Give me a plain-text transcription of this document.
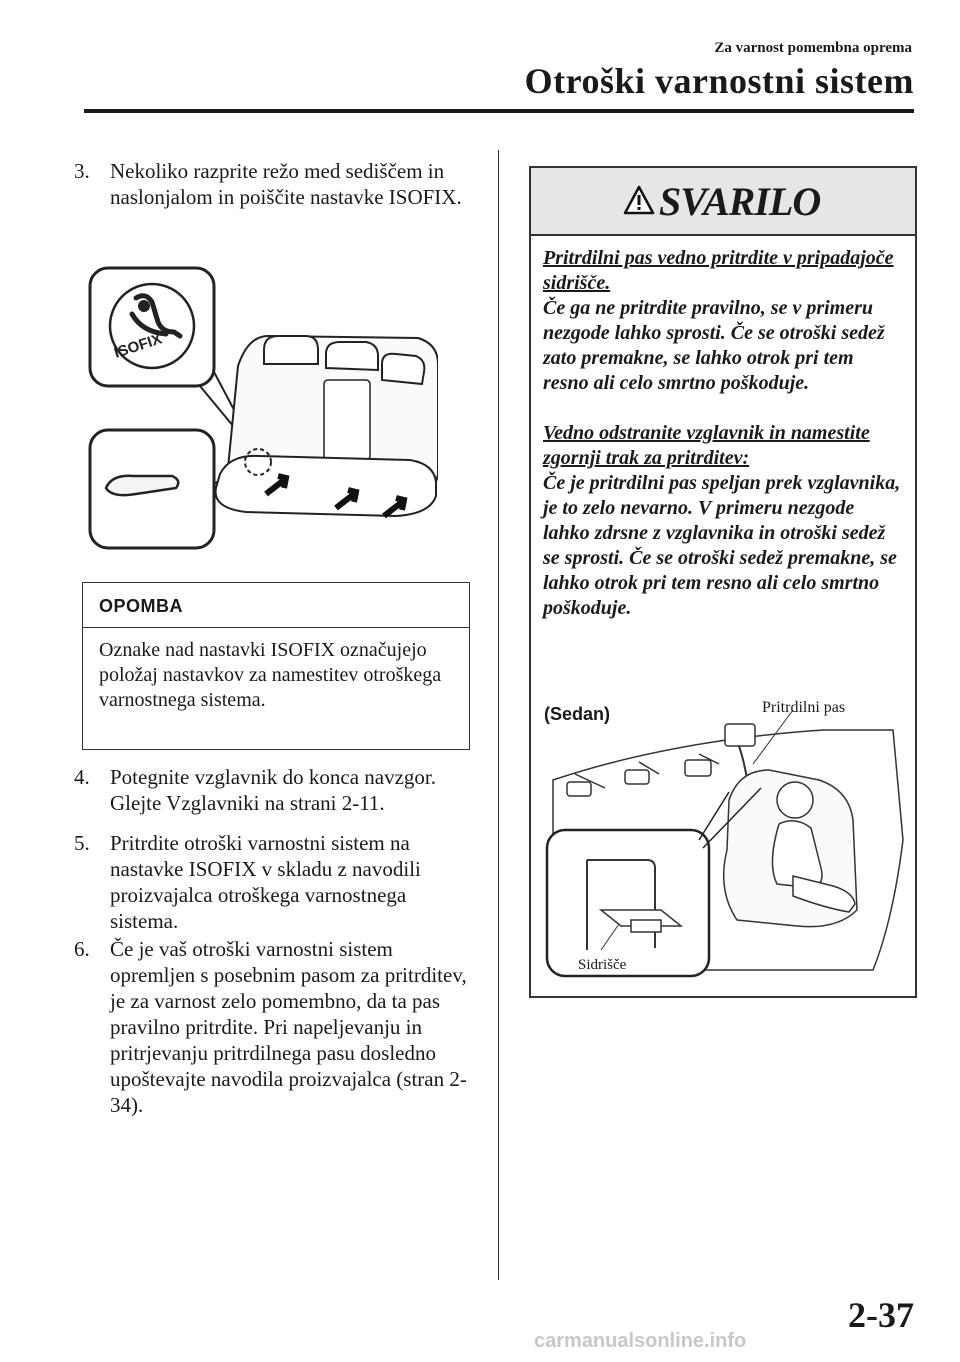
Za varnost pomembna oprema
Otroški varnostni sistem
3. Nekoliko razprite režo med sediščem in naslonjalom in poiščite nastavke ISOFIX.
ISOFIX
OPOMBA
Oznake nad nastavki ISOFIX označujejo položaj nastavkov za namestitev otroškega varnostnega sistema.
4. Potegnite vzglavnik do konca navzgor. Glejte Vzglavniki na strani 2-11.
5. Pritrdite otroški varnostni sistem na nastavke ISOFIX v skladu z navodili proizvajalca otroškega varnostnega sistema.
6. Če je vaš otroški varnostni sistem opremljen s posebnim pasom za pritrditev, je za varnost zelo pomembno, da ta pas pravilno pritrdite. Pri napeljevanju in pritrjevanju pritrdilnega pasu dosledno upoštevajte navodila proizvajalca (stran 2-34).
SVARILO

Pritrdilni pas vedno pritrdite v pripadajoče sidrišče.

Če ga ne pritrdite pravilno, se v primeru nezgode lahko sprosti. Če se otroški sedež zato premakne, se lahko otrok pri tem resno ali celo smrtno poškoduje.

Vedno odstranite vzglavnik in namestite zgornji trak za pritrditev:

Če je pritrdilni pas speljan prek vzglavnika, je to zelo nevarno. V primeru nezgode lahko zdrsne z vzglavnika in otroški sedež se sprosti. Če se otroški sedež premakne, se lahko otrok pri tem resno ali celo smrtno poškoduje.

(Sedan)	Pritrdilni pas
Sidrišče
2-37
carmanualsonline.info
